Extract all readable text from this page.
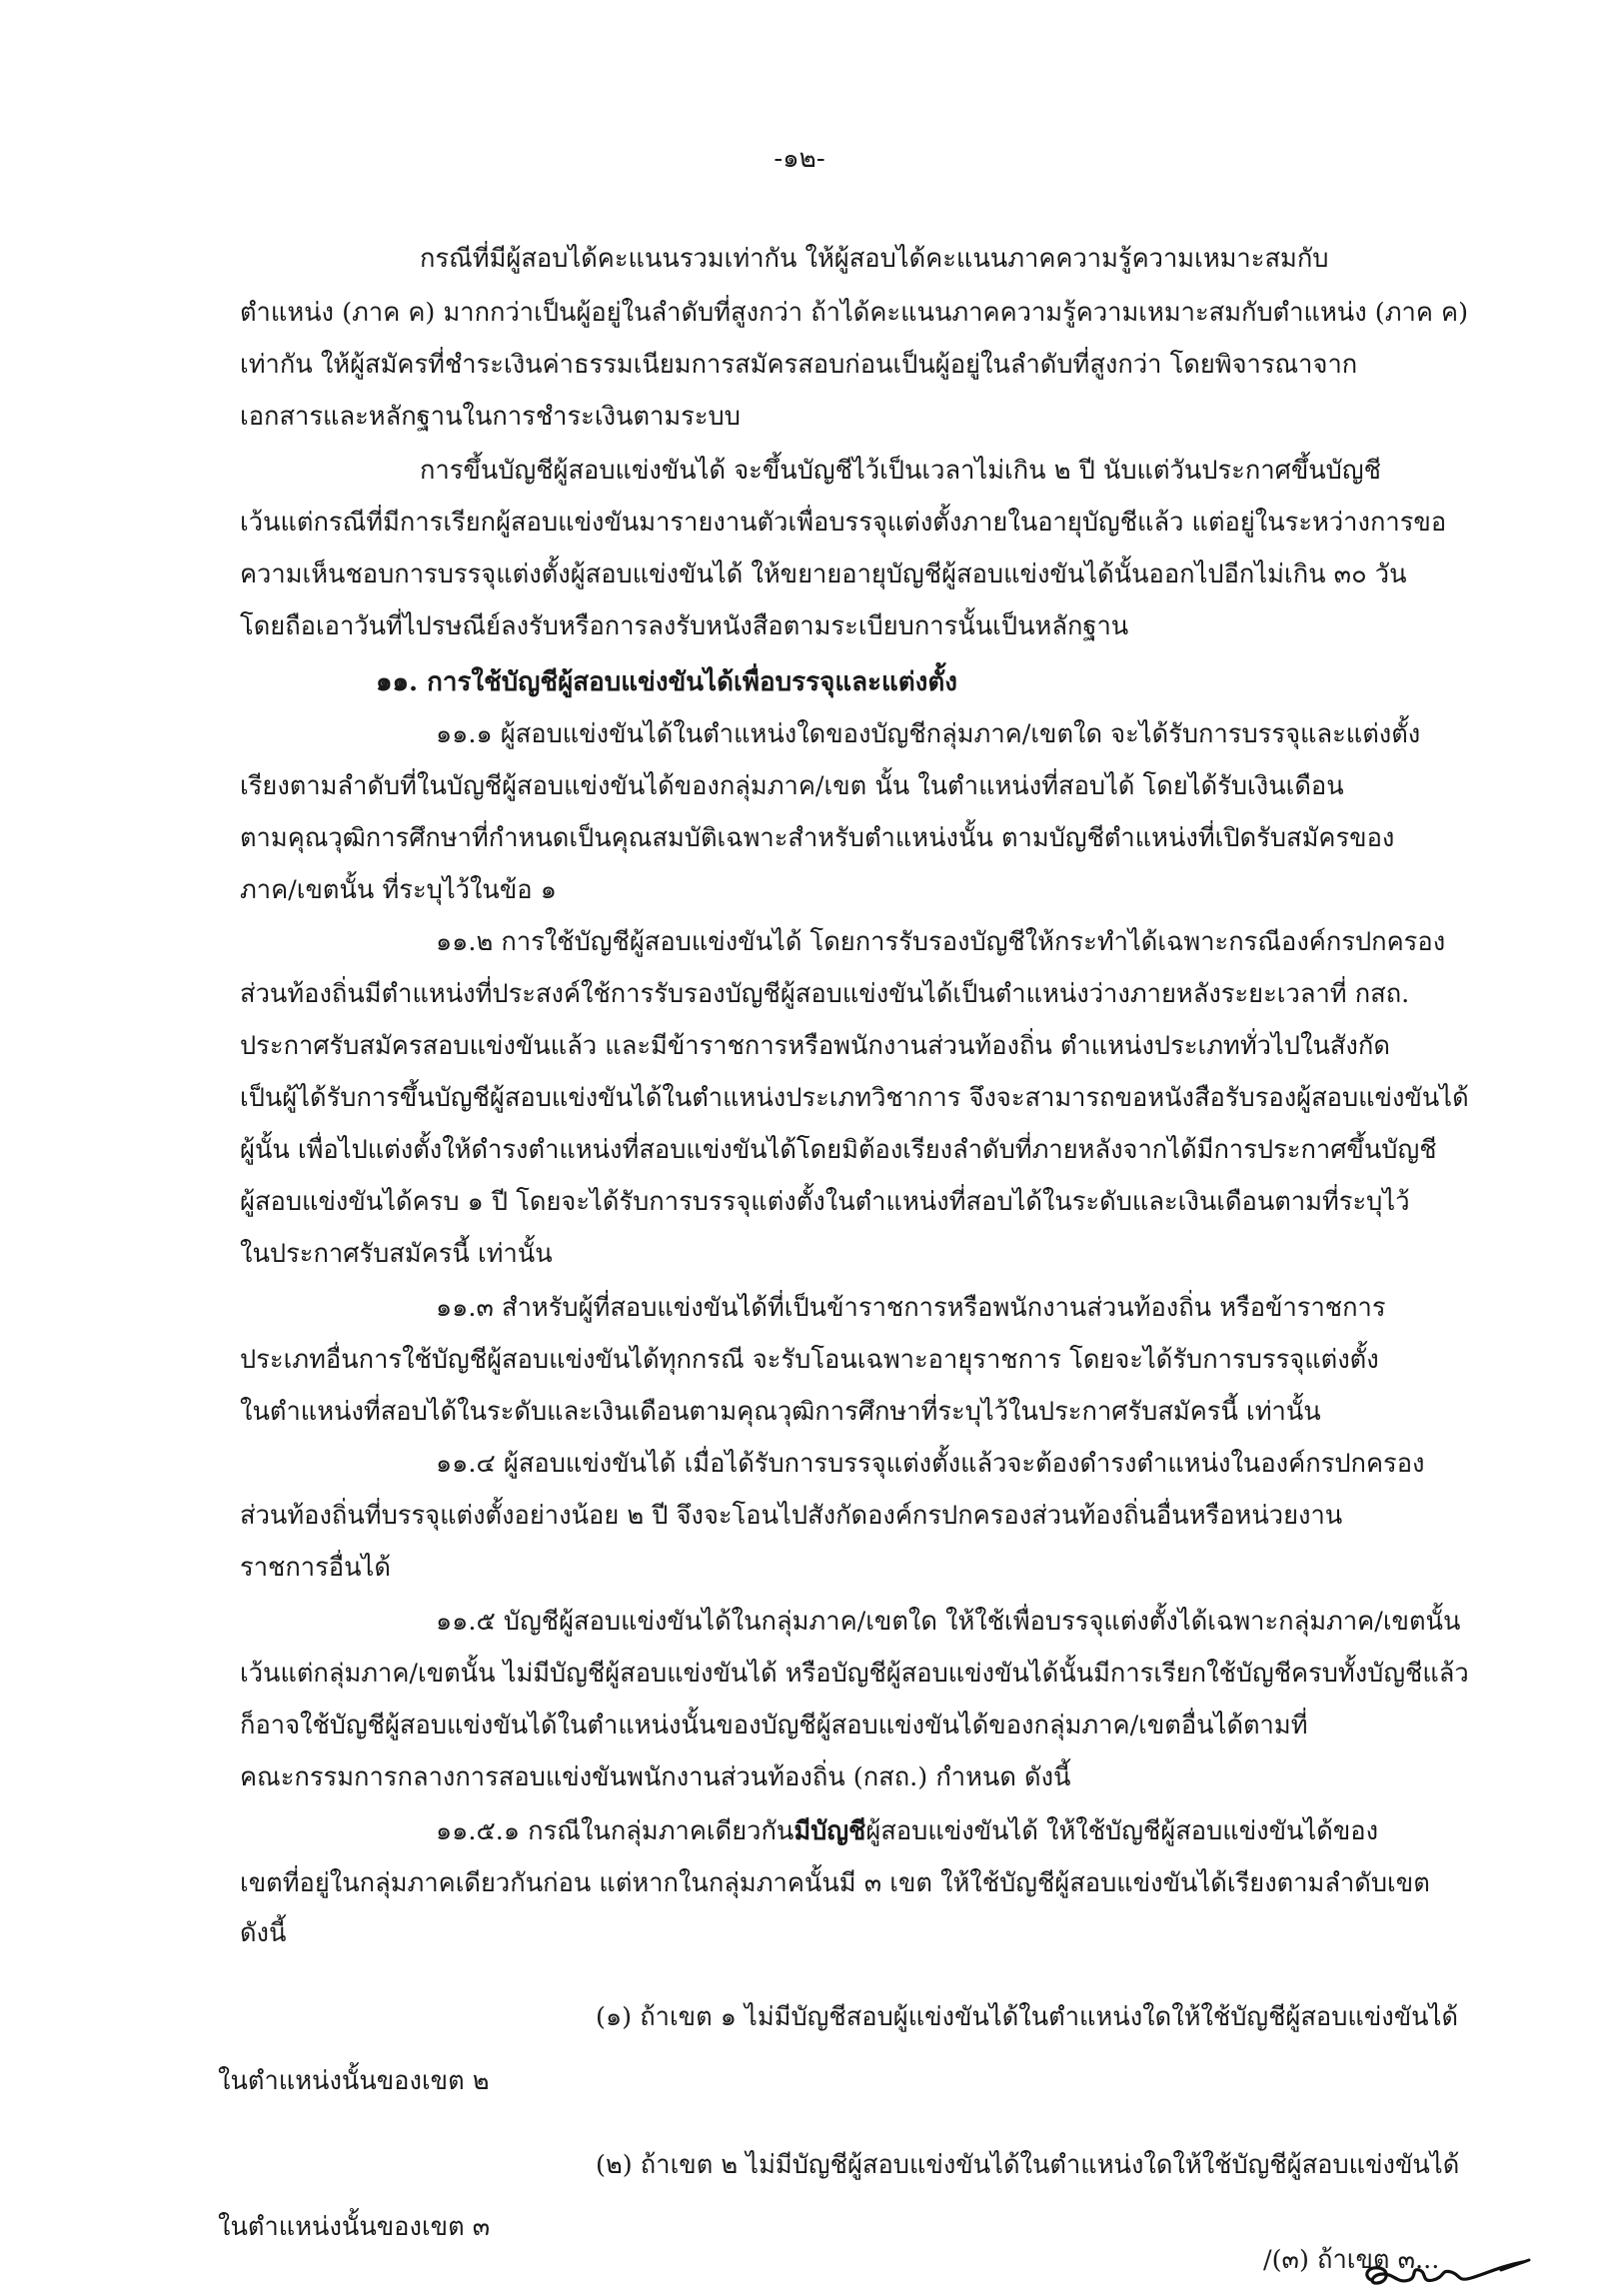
-๑๒-
กรณีที่มีผู้สอบได้คะแนนรวมเท่ากัน ให้ผู้สอบได้คะแนนภาคความรู้ความเหมาะสมกับ
ตำแหน่ง (ภาค ค) มากกว่าเป็นผู้อยู่ในลำดับที่สูงกว่า ถ้าได้คะแนนภาคความรู้ความเหมาะสมกับตำแหน่ง (ภาค ค)
เท่ากัน ให้ผู้สมัครที่ชำระเงินค่าธรรมเนียมการสมัครสอบก่อนเป็นผู้อยู่ในลำดับที่สูงกว่า โดยพิจารณาจาก
เอกสารและหลักฐานในการชำระเงินตามระบบ
การขึ้นบัญชีผู้สอบแข่งขันได้ จะขึ้นบัญชีไว้เป็นเวลาไม่เกิน ๒ ปี นับแต่วันประกาศขึ้นบัญชี
เว้นแต่กรณีที่มีการเรียกผู้สอบแข่งขันมารายงานตัวเพื่อบรรจุแต่งตั้งภายในอายุบัญชีแล้ว แต่อยู่ในระหว่างการขอ
ความเห็นชอบการบรรจุแต่งตั้งผู้สอบแข่งขันได้ ให้ขยายอายุบัญชีผู้สอบแข่งขันได้นั้นออกไปอีกไม่เกิน ๓๐ วัน
โดยถือเอาวันที่ไปรษณีย์ลงรับหรือการลงรับหนังสือตามระเบียบการนั้นเป็นหลักฐาน
๑๑. การใช้บัญชีผู้สอบแข่งขันได้เพื่อบรรจุและแต่งตั้ง
๑๑.๑ ผู้สอบแข่งขันได้ในตำแหน่งใดของบัญชีกลุ่มภาค/เขตใด จะได้รับการบรรจุและแต่งตั้ง
เรียงตามลำดับที่ในบัญชีผู้สอบแข่งขันได้ของกลุ่มภาค/เขต นั้น ในตำแหน่งที่สอบได้ โดยได้รับเงินเดือน
ตามคุณวุฒิการศึกษาที่กำหนดเป็นคุณสมบัติเฉพาะสำหรับตำแหน่งนั้น ตามบัญชีตำแหน่งที่เปิดรับสมัครของ
ภาค/เขตนั้น ที่ระบุไว้ในข้อ ๑
๑๑.๒ การใช้บัญชีผู้สอบแข่งขันได้ โดยการรับรองบัญชีให้กระทำได้เฉพาะกรณีองค์กรปกครอง
ส่วนท้องถิ่นมีตำแหน่งที่ประสงค์ใช้การรับรองบัญชีผู้สอบแข่งขันได้เป็นตำแหน่งว่างภายหลังระยะเวลาที่ กสถ.
ประกาศรับสมัครสอบแข่งขันแล้ว และมีข้าราชการหรือพนักงานส่วนท้องถิ่น ตำแหน่งประเภททั่วไปในสังกัด
เป็นผู้ได้รับการขึ้นบัญชีผู้สอบแข่งขันได้ในตำแหน่งประเภทวิชาการ จึงจะสามารถขอหนังสือรับรองผู้สอบแข่งขันได้
ผู้นั้น เพื่อไปแต่งตั้งให้ดำรงตำแหน่งที่สอบแข่งขันได้โดยมิต้องเรียงลำดับที่ภายหลังจากได้มีการประกาศขึ้นบัญชี
ผู้สอบแข่งขันได้ครบ ๑ ปี โดยจะได้รับการบรรจุแต่งตั้งในตำแหน่งที่สอบได้ในระดับและเงินเดือนตามที่ระบุไว้
ในประกาศรับสมัครนี้ เท่านั้น
๑๑.๓ สำหรับผู้ที่สอบแข่งขันได้ที่เป็นข้าราชการหรือพนักงานส่วนท้องถิ่น หรือข้าราชการ
ประเภทอื่นการใช้บัญชีผู้สอบแข่งขันได้ทุกกรณี จะรับโอนเฉพาะอายุราชการ โดยจะได้รับการบรรจุแต่งตั้ง
ในตำแหน่งที่สอบได้ในระดับและเงินเดือนตามคุณวุฒิการศึกษาที่ระบุไว้ในประกาศรับสมัครนี้ เท่านั้น
๑๑.๔ ผู้สอบแข่งขันได้ เมื่อได้รับการบรรจุแต่งตั้งแล้วจะต้องดำรงตำแหน่งในองค์กรปกครอง
ส่วนท้องถิ่นที่บรรจุแต่งตั้งอย่างน้อย ๒ ปี จึงจะโอนไปสังกัดองค์กรปกครองส่วนท้องถิ่นอื่นหรือหน่วยงาน
ราชการอื่นได้
๑๑.๕ บัญชีผู้สอบแข่งขันได้ในกลุ่มภาค/เขตใด ให้ใช้เพื่อบรรจุแต่งตั้งได้เฉพาะกลุ่มภาค/เขตนั้น
เว้นแต่กลุ่มภาค/เขตนั้น ไม่มีบัญชีผู้สอบแข่งขันได้ หรือบัญชีผู้สอบแข่งขันได้นั้นมีการเรียกใช้บัญชีครบทั้งบัญชีแล้ว
ก็อาจใช้บัญชีผู้สอบแข่งขันได้ในตำแหน่งนั้นของบัญชีผู้สอบแข่งขันได้ของกลุ่มภาค/เขตอื่นได้ตามที่
คณะกรรมการกลางการสอบแข่งขันพนักงานส่วนท้องถิ่น (กสถ.) กำหนด ดังนี้
๑๑.๕.๑ กรณีในกลุ่มภาคเดียวกันมีบัญชีผู้สอบแข่งขันได้ ให้ใช้บัญชีผู้สอบแข่งขันได้ของ
เขตที่อยู่ในกลุ่มภาคเดียวกันก่อน แต่หากในกลุ่มภาคนั้นมี ๓ เขต ให้ใช้บัญชีผู้สอบแข่งขันได้เรียงตามลำดับเขต
ดังนี้
(๑) ถ้าเขต ๑ ไม่มีบัญชีสอบผู้แข่งขันได้ในตำแหน่งใดให้ใช้บัญชีผู้สอบแข่งขันได้
ในตำแหน่งนั้นของเขต ๒
(๒) ถ้าเขต ๒ ไม่มีบัญชีผู้สอบแข่งขันได้ในตำแหน่งใดให้ใช้บัญชีผู้สอบแข่งขันได้
ในตำแหน่งนั้นของเขต ๓
/(๓) ถ้าเขต ๓...
